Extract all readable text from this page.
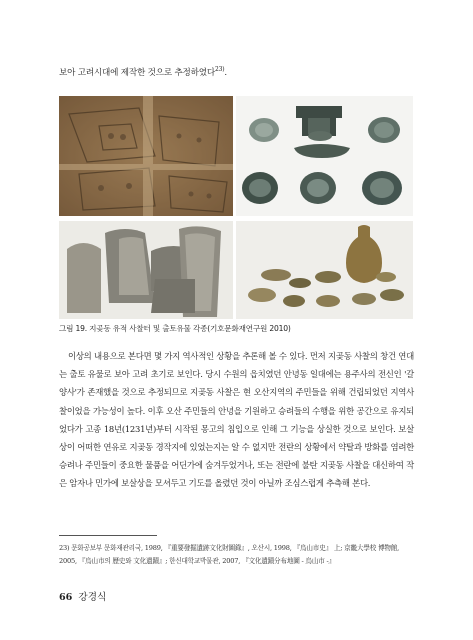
보아 고려시대에 제작한 것으로 추정하였다$^{23)}$.
그림 19. 지곶동 유적 사찰터 및 출토유물 각종(기호문화재연구원 2010)

이상의 내용으로 본다면 몇 가지 역사적인 상황을 추론해 볼 수 있다. 먼저 지곶동 사찰의 창건 연대는 출토 유물로 보아 고려 초기로 보인다. 당시 수원의 읍치였던 안녕동 일대에는 용주사의 전신인 '갈양사'가 존재했을 것으로 추정되므로 지곶동 사찰은 현 오산지역의 주민들을 위해 건립되었던 지역사찰이었을 가능성이 높다. 이후 오산 주민들의 안녕을 기원하고 승려들의 수행을 위한 공간으로 유지되었다가 고종 18년(1231년)부터 시작된 몽고의 침입으로 인해 그 기능을 상실한 것으로 보인다. 보살상이 어떠한 연유로 지곶동 경작지에 있었는지는 알 수 없지만 전란의 상황에서 약탈과 방화를 염려한 승려나 주민들이 중요한 물품을 어딘가에 숨겨두었거나, 또는 전란에 불탄 지곶동 사찰을 대신하여 작은 암자나 민가에 보살상을 모셔두고 기도를 올렸던 것이 아닐까 조심스럽게 추측해 본다.

23) 문화공보부 문화재관리국, 1989, 『重要發掘遺跡文化財圖錄』, 오산시, 1998, 『烏山市史』 上; 京畿大學校 博物館, 2005, 『烏山市의 歷史와 文化遺蹟』; 한신대학교박물관, 2007, 『文化遺蹟分布地圖 - 烏山市 -』
66 강경식
